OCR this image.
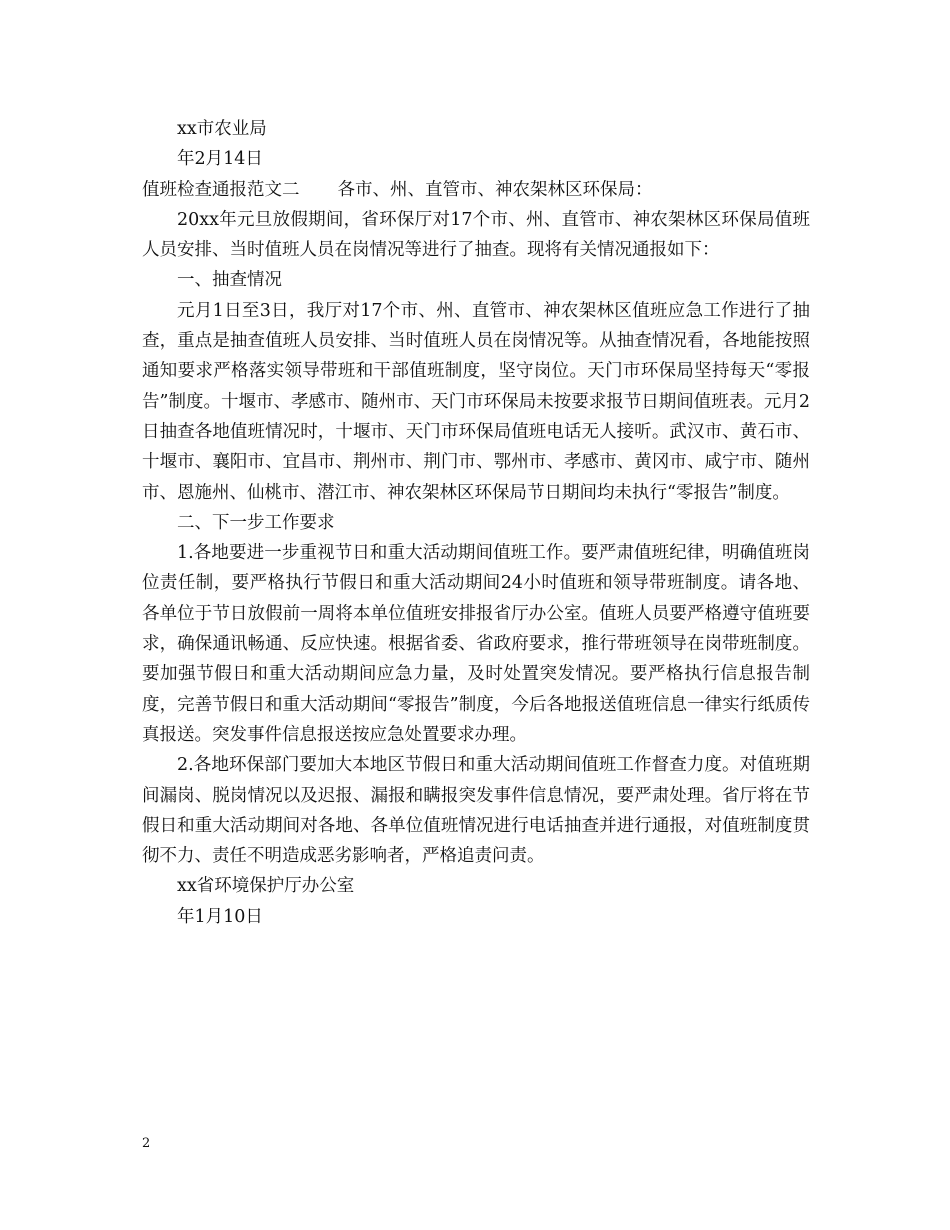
xx市农业局

年2月14日

值班检查通报范文二 各市、州、直管市、神农架林区环保局：

20xx年元旦放假期间，省环保厅对17个市、州、直管市、神农架林区环保局值班人员安排、当时值班人员在岗情况等进行了抽查。现将有关情况通报如下：

一、抽查情况

元月1日至3日，我厅对17个市、州、直管市、神农架林区值班应急工作进行了抽查，重点是抽查值班人员安排、当时值班人员在岗情况等。从抽查情况看，各地能按照通知要求严格落实领导带班和干部值班制度，坚守岗位。天门市环保局坚持每天“零报告”制度。十堰市、孝感市、随州市、天门市环保局未按要求报节日期间值班表。元月2日抽查各地值班情况时，十堰市、天门市环保局值班电话无人接听。武汉市、黄石市、十堰市、襄阳市、宜昌市、荆州市、荆门市、鄂州市、孝感市、黄冈市、咸宁市、随州市、恩施州、仙桃市、潜江市、神农架林区环保局节日期间均未执行“零报告”制度。

二、下一步工作要求

1.各地要进一步重视节日和重大活动期间值班工作。要严肃值班纪律，明确值班岗位责任制，要严格执行节假日和重大活动期间24小时值班和领导带班制度。请各地、各单位于节日放假前一周将本单位值班安排报省厅办公室。值班人员要严格遵守值班要求，确保通讯畅通、反应快速。根据省委、省政府要求，推行带班领导在岗带班制度。要加强节假日和重大活动期间应急力量，及时处置突发情况。要严格执行信息报告制度，完善节假日和重大活动期间“零报告”制度，今后各地报送值班信息一律实行纸质传真报送。突发事件信息报送按应急处置要求办理。

2.各地环保部门要加大本地区节假日和重大活动期间值班工作督查力度。对值班期间漏岗、脱岗情况以及迟报、漏报和瞒报突发事件信息情况，要严肃处理。省厅将在节假日和重大活动期间对各地、各单位值班情况进行电话抽查并进行通报，对值班制度贯彻不力、责任不明造成恶劣影响者，严格追责问责。

xx省环境保护厅办公室

年1月10日

2
